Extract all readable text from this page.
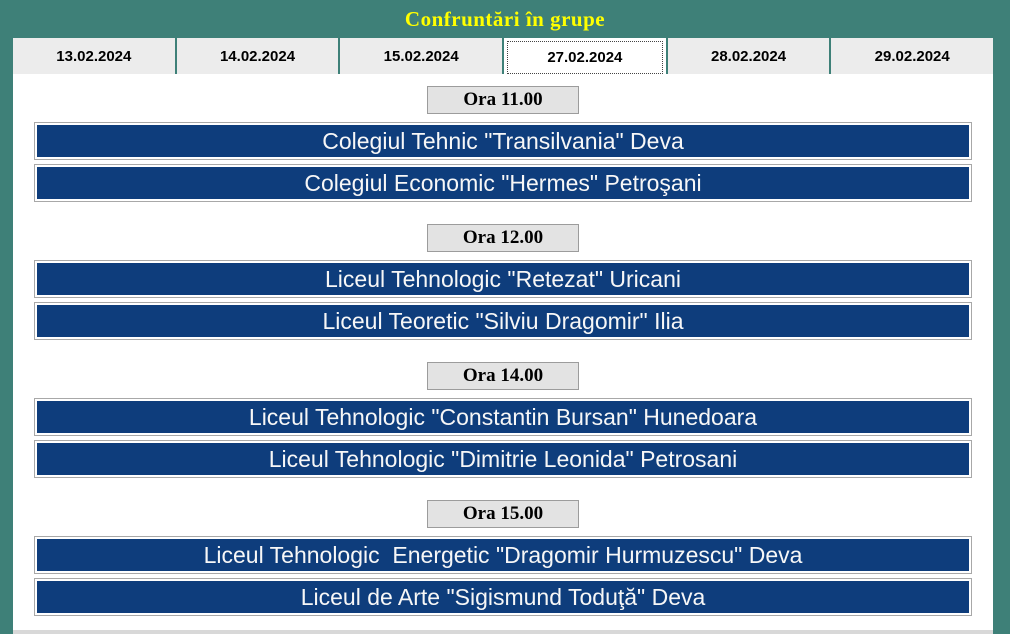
Confruntări în grupe
13.02.2024	14.02.2024	15.02.2024	27.02.2024	28.02.2024	29.02.2024
Ora 11.00
Colegiul Tehnic "Transilvania" Deva
Colegiul Economic "Hermes" Petroşani
Ora 12.00
Liceul Tehnologic "Retezat" Uricani
Liceul Teoretic "Silviu Dragomir" Ilia
Ora 14.00
Liceul Tehnologic "Constantin Bursan" Hunedoara
Liceul Tehnologic "Dimitrie Leonida" Petrosani
Ora 15.00
Liceul Tehnologic  Energetic "Dragomir Hurmuzescu" Deva
Liceul de Arte "Sigismund Toduţă" Deva
